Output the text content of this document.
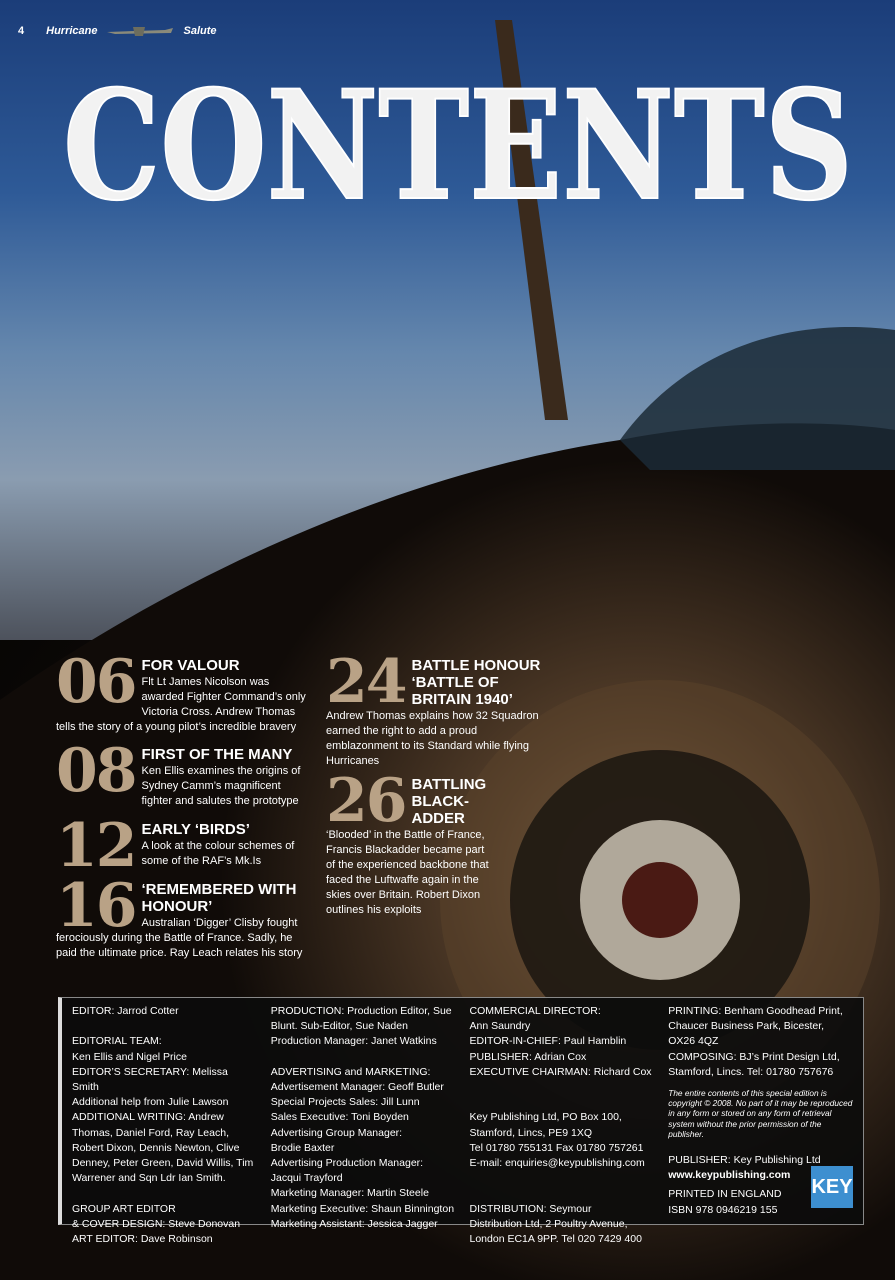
4 Hurricane	Salute
CONTENTS
06 FOR VALOUR
Flt Lt James Nicolson was awarded Fighter Command’s only Victoria Cross. Andrew Thomas tells the story of a young pilot’s incredible bravery
08 FIRST OF THE MANY
Ken Ellis examines the origins of Sydney Camm’s magnificent fighter and salutes the prototype
12 EARLY ‘BIRDS’
A look at the colour schemes of some of the RAF’s Mk.Is
16 ‘REMEMBERED WITH HONOUR’
Australian ‘Digger’ Clisby fought ferociously during the Battle of France. Sadly, he paid the ultimate price. Ray Leach relates his story
24 BATTLE HONOUR ‘BATTLE OF BRITAIN 1940’
Andrew Thomas explains how 32 Squadron earned the right to add a proud emblazonment to its Standard while flying Hurricanes
26 BATTLING BLACK-ADDER
‘Blooded’ in the Battle of France, Francis Blackadder became part of the experienced backbone that faced the Luftwaffe again in the skies over Britain. Robert Dixon outlines his exploits
EDITOR: Jarrod Cotter

EDITORIAL TEAM:
Ken Ellis and Nigel Price
EDITOR’S SECRETARY: Melissa Smith
Additional help from Julie Lawson
ADDITIONAL WRITING: Andrew Thomas, Daniel Ford, Ray Leach, Robert Dixon, Dennis Newton, Clive Denney, Peter Green, David Willis, Tim Warrener and Sqn Ldr Ian Smith.

GROUP ART EDITOR
& COVER DESIGN: Steve Donovan
ART EDITOR: Dave Robinson
PRODUCTION: Production Editor, Sue Blunt. Sub-Editor, Sue Naden
Production Manager: Janet Watkins

ADVERTISING and MARKETING:
Advertisement Manager: Geoff Butler
Special Projects Sales: Jill Lunn
Sales Executive: Toni Boyden
Advertising Group Manager:
Brodie Baxter
Advertising Production Manager:
Jacqui Trayford
Marketing Manager: Martin Steele
Marketing Executive: Shaun Binnington
Marketing Assistant: Jessica Jagger
COMMERCIAL DIRECTOR:
Ann Saundry
EDITOR-IN-CHIEF: Paul Hamblin
PUBLISHER: Adrian Cox
EXECUTIVE CHAIRMAN: Richard Cox

Key Publishing Ltd, PO Box 100,
Stamford, Lincs, PE9 1XQ
Tel 01780 755131 Fax 01780 757261
E-mail: enquiries@keypublishing.com

DISTRIBUTION: Seymour
Distribution Ltd, 2 Poultry Avenue,
London EC1A 9PP. Tel 020 7429 400

PRINTING: Benham Goodhead Print,
Chaucer Business Park, Bicester,
OX26 4QZ
COMPOSING: BJ’s Print Design Ltd,
Stamford, Lincs. Tel: 01780 757676

The entire contents of this special edition is copyright © 2008. No part of it may be reproduced in any form or stored on any form of retrieval system without the prior permission of the publisher.

PUBLISHER: Key Publishing Ltd

KEY

www.keypublishing.com

PRINTED IN ENGLAND

ISBN 978 0946219 155
